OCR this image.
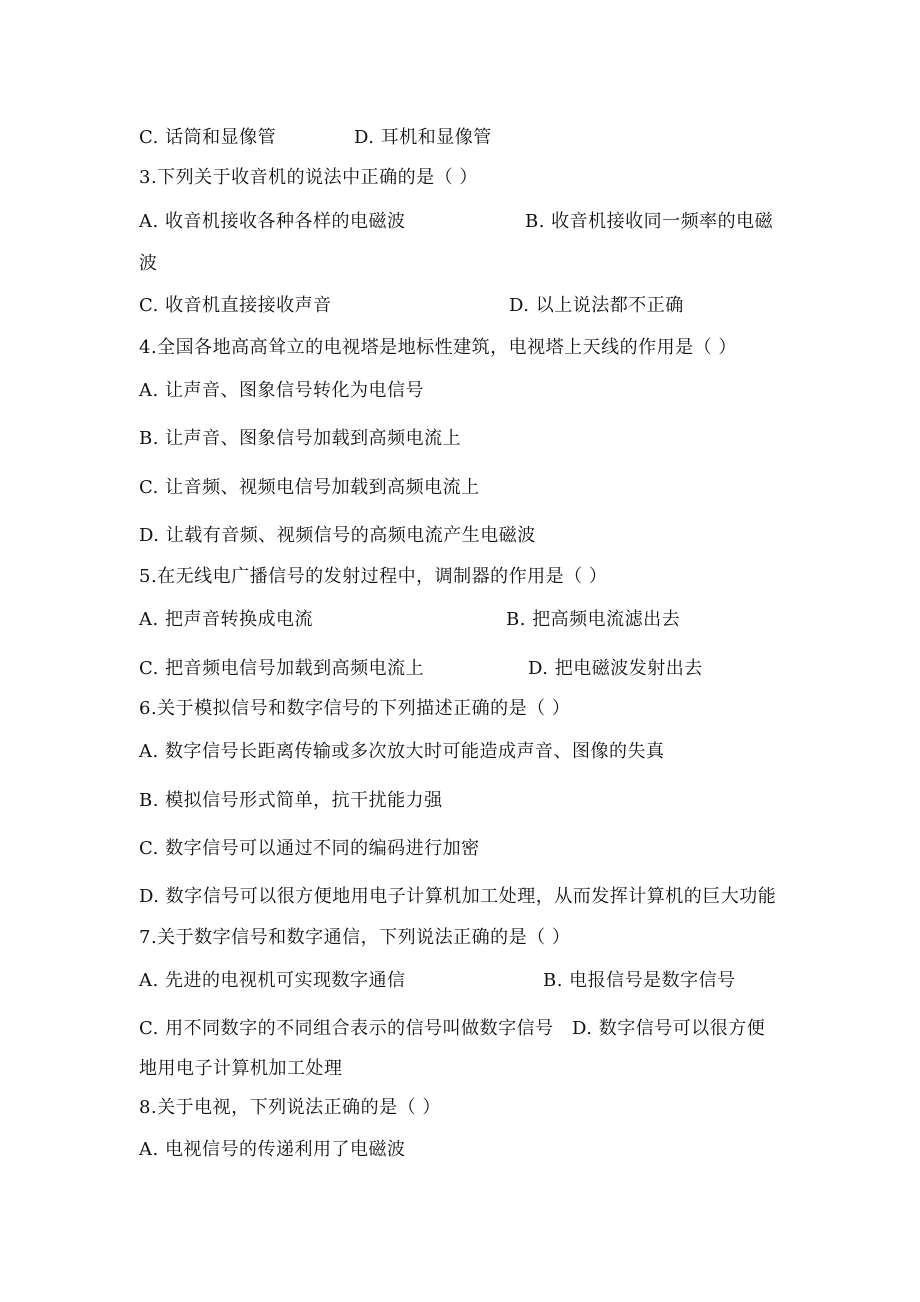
C. 话筒和显像管	D. 耳机和显像管
3.下列关于收音机的说法中正确的是（ ）
A. 收音机接收各种各样的电磁波	B. 收音机接收同一频率的电磁
波
C. 收音机直接接收声音	D. 以上说法都不正确
4.全国各地高高耸立的电视塔是地标性建筑，电视塔上天线的作用是（ ）
A. 让声音、图象信号转化为电信号
B. 让声音、图象信号加载到高频电流上
C. 让音频、视频电信号加载到高频电流上
D. 让载有音频、视频信号的高频电流产生电磁波
5.在无线电广播信号的发射过程中，调制器的作用是（ ）
A. 把声音转换成电流	B. 把高频电流滤出去
C. 把音频电信号加载到高频电流上	D. 把电磁波发射出去
6.关于模拟信号和数字信号的下列描述正确的是（ ）
A. 数字信号长距离传输或多次放大时可能造成声音、图像的失真
B. 模拟信号形式简单，抗干扰能力强
C. 数字信号可以通过不同的编码进行加密
D. 数字信号可以很方便地用电子计算机加工处理，从而发挥计算机的巨大功能
7.关于数字信号和数字通信，下列说法正确的是（ ）
A. 先进的电视机可实现数字通信	B. 电报信号是数字信号
C. 用不同数字的不同组合表示的信号叫做数字信号 D. 数字信号可以很方便
地用电子计算机加工处理
8.关于电视，下列说法正确的是（ ）
A. 电视信号的传递利用了电磁波
